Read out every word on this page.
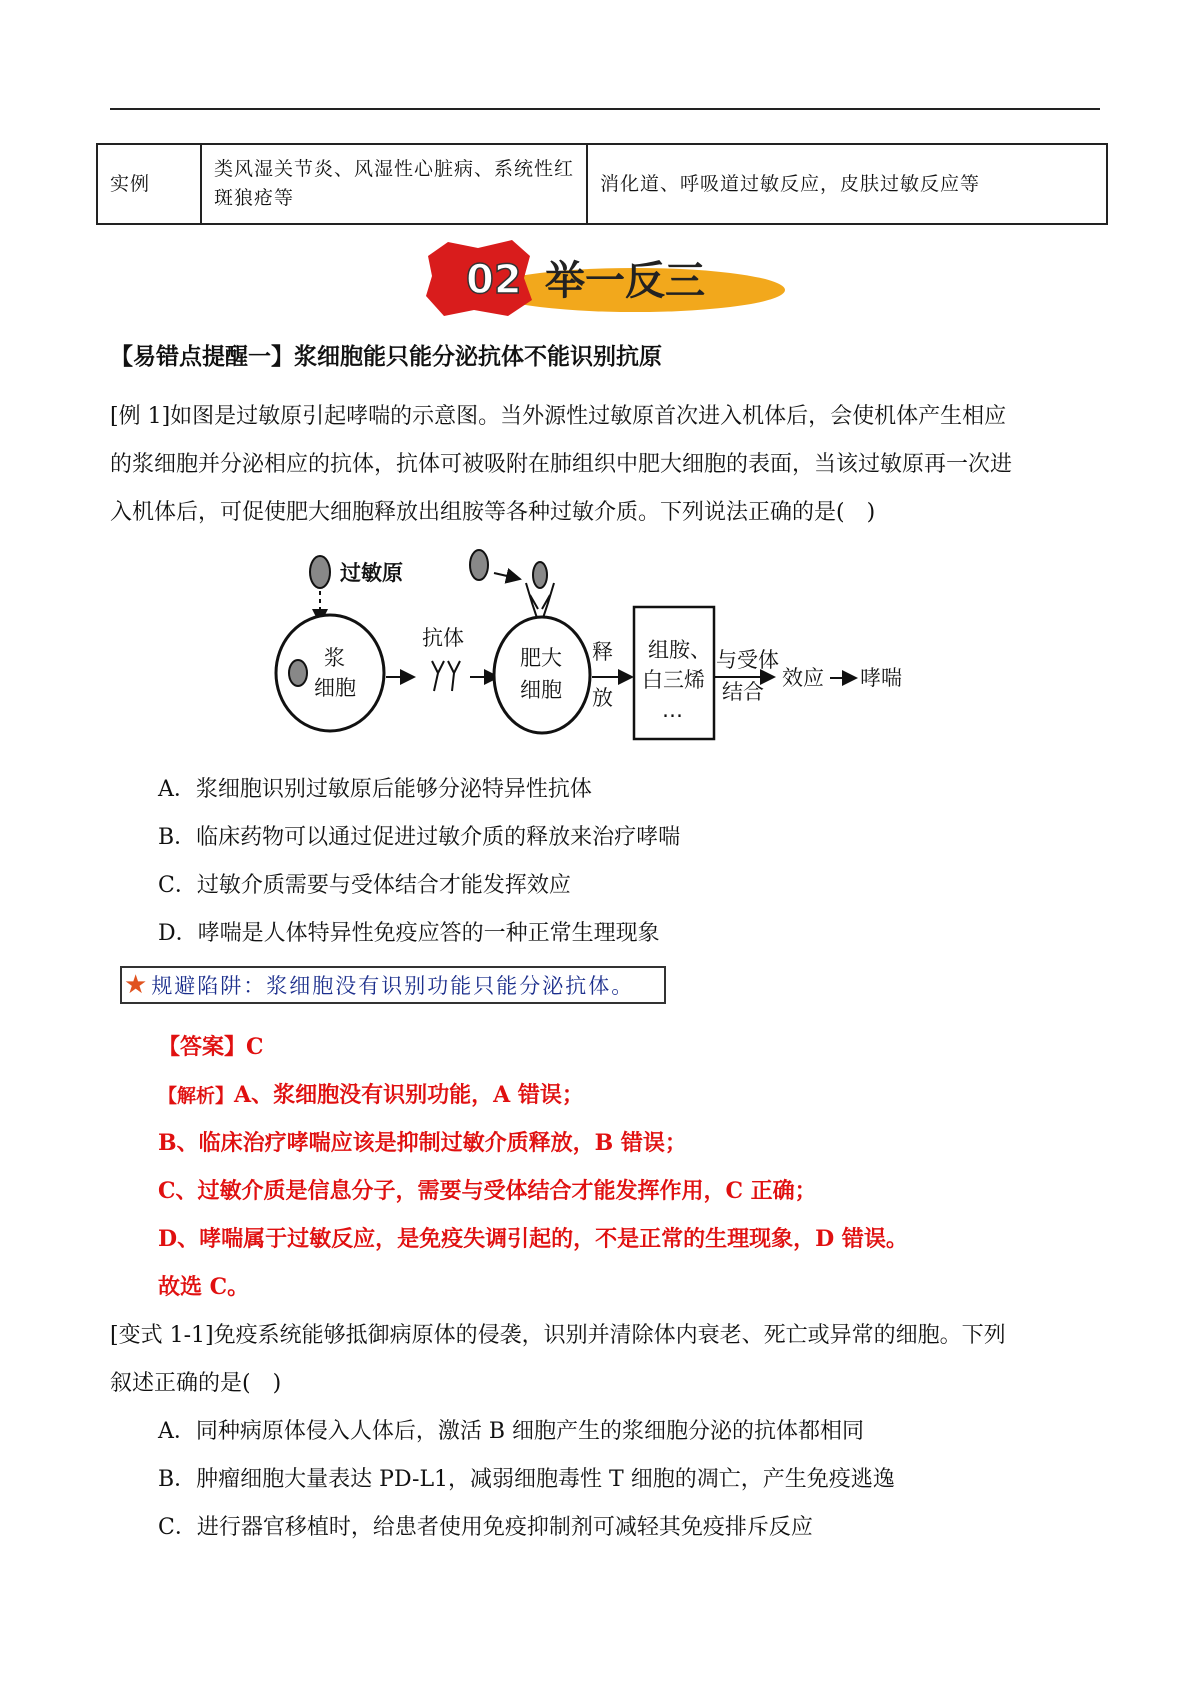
实例	类风湿关节炎、风湿性心脏病、系统性红斑狼疮等	消化道、呼吸道过敏反应，皮肤过敏反应等
02 举一反三
【易错点提醒一】浆细胞能只能分泌抗体不能识别抗原
[例 1]如图是过敏原引起哮喘的示意图。当外源性过敏原首次进入机体后，会使机体产生相应
的浆细胞并分泌相应的抗体，抗体可被吸附在肺组织中肥大细胞的表面，当该过敏原再一次进
入机体后，可促使肥大细胞释放出组胺等各种过敏介质。下列说法正确的是(　)
过敏原
浆
细胞
抗体
肥大
细胞
释
放
组胺、
白三烯
…
与受体
结合
效应 哮喘
A．浆细胞识别过敏原后能够分泌特异性抗体
B．临床药物可以通过促进过敏介质的释放来治疗哮喘
C．过敏介质需要与受体结合才能发挥效应
D．哮喘是人体特异性免疫应答的一种正常生理现象
★ 规避陷阱：浆细胞没有识别功能只能分泌抗体。
【答案】C
【解析】A、浆细胞没有识别功能，A 错误；
B、临床治疗哮喘应该是抑制过敏介质释放，B 错误；
C、过敏介质是信息分子，需要与受体结合才能发挥作用，C 正确；
D、哮喘属于过敏反应，是免疫失调引起的，不是正常的生理现象，D 错误。
故选 C。
[变式 1-1]免疫系统能够抵御病原体的侵袭，识别并清除体内衰老、死亡或异常的细胞。下列
叙述正确的是(　)
A．同种病原体侵入人体后，激活 B 细胞产生的浆细胞分泌的抗体都相同
B．肿瘤细胞大量表达 PD-L1，减弱细胞毒性 T 细胞的凋亡，产生免疫逃逸
C．进行器官移植时，给患者使用免疫抑制剂可减轻其免疫排斥反应
